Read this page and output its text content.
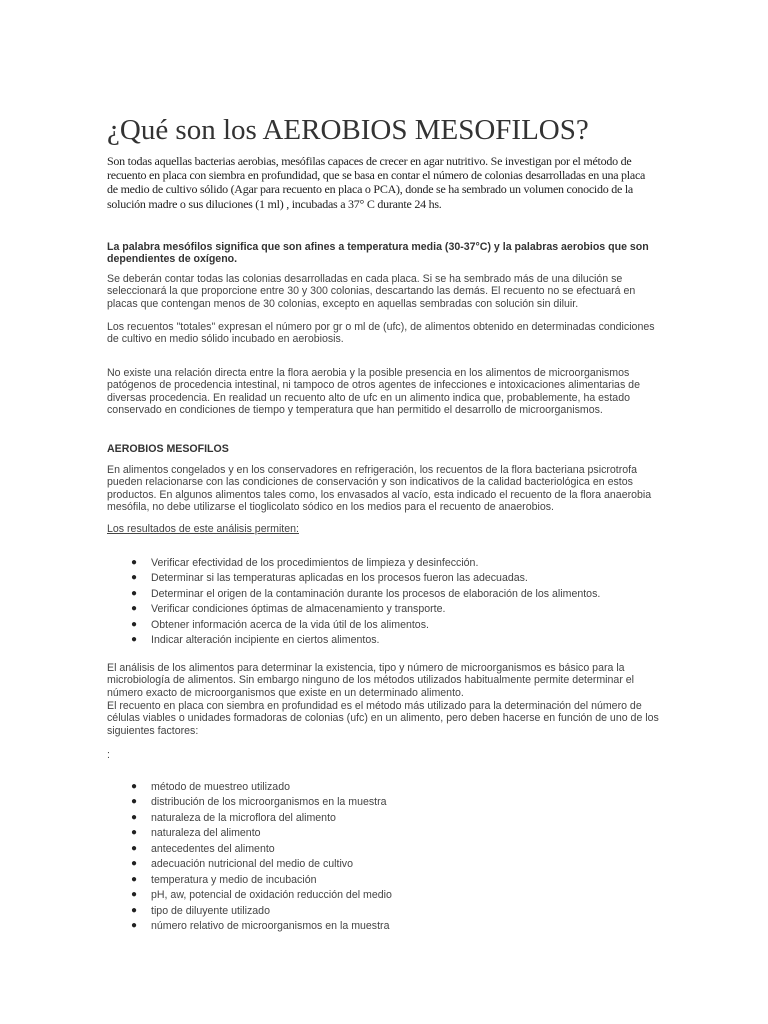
¿Qué son los AEROBIOS MESOFILOS?

Son todas aquellas bacterias aerobias, mesófilas capaces de crecer en agar nutritivo. Se investigan por el método de recuento en placa con siembra en profundidad, que se basa en contar el número de colonias desarrolladas en una placa de medio de cultivo sólido (Agar para recuento en placa o PCA), donde se ha sembrado un volumen conocido de la solución madre o sus diluciones (1 ml) , incubadas a 37° C durante 24 hs.

La palabra mesófilos significa que son afines a temperatura media (30-37°C) y la palabras aerobios que son dependientes de oxígeno.

Se deberán contar todas las colonias desarrolladas en cada placa. Si se ha sembrado más de una dilución se seleccionará la que proporcione entre 30 y 300 colonias, descartando las demás. El recuento no se efectuará en placas que contengan menos de 30 colonias, excepto en aquellas sembradas con solución sin diluir.

Los recuentos "totales" expresan el número por gr o ml de (ufc), de alimentos obtenido en determinadas condiciones de cultivo en medio sólido incubado en aerobiosis.

No existe una relación directa entre la flora aerobia y la posible presencia en los alimentos de microorganismos patógenos de procedencia intestinal, ni tampoco de otros agentes de infecciones e intoxicaciones alimentarias de diversas procedencia. En realidad un recuento alto de ufc en un alimento indica que, probablemente, ha estado conservado en condiciones de tiempo y temperatura que han permitido el desarrollo de microorganismos.

AEROBIOS MESOFILOS

En alimentos congelados y en los conservadores en refrigeración, los recuentos de la flora bacteriana psicrotrofa pueden relacionarse con las condiciones de conservación y son indicativos de la calidad bacteriológica en estos productos. En algunos alimentos tales como, los envasados al vacío, esta indicado el recuento de la flora anaerobia mesófila, no debe utilizarse el tioglicolato sódico en los medios para el recuento de anaerobios.

Los resultados de este análisis permiten:

● Verificar efectividad de los procedimientos de limpieza y desinfección.
● Determinar si las temperaturas aplicadas en los procesos fueron las adecuadas.
● Determinar el origen de la contaminación durante los procesos de elaboración de los alimentos.
● Verificar condiciones óptimas de almacenamiento y transporte.
● Obtener información acerca de la vida útil de los alimentos.
● Indicar alteración incipiente en ciertos alimentos.

El análisis de los alimentos para determinar la existencia, tipo y número de microorganismos es básico para la microbiología de alimentos. Sin embargo ninguno de los métodos utilizados habitualmente permite determinar el número exacto de microorganismos que existe en un determinado alimento.

El recuento en placa con siembra en profundidad es el método más utilizado para la determinación del número de células viables o unidades formadoras de colonias (ufc) en un alimento, pero deben hacerse en función de uno de los siguientes factores:

:

● método de muestreo utilizado
● distribución de los microorganismos en la muestra
● naturaleza de la microflora del alimento
● naturaleza del alimento
● antecedentes del alimento
● adecuación nutricional del medio de cultivo
● temperatura y medio de incubación
● pH, aw, potencial de oxidación reducción del medio
● tipo de diluyente utilizado
● número relativo de microorganismos en la muestra
